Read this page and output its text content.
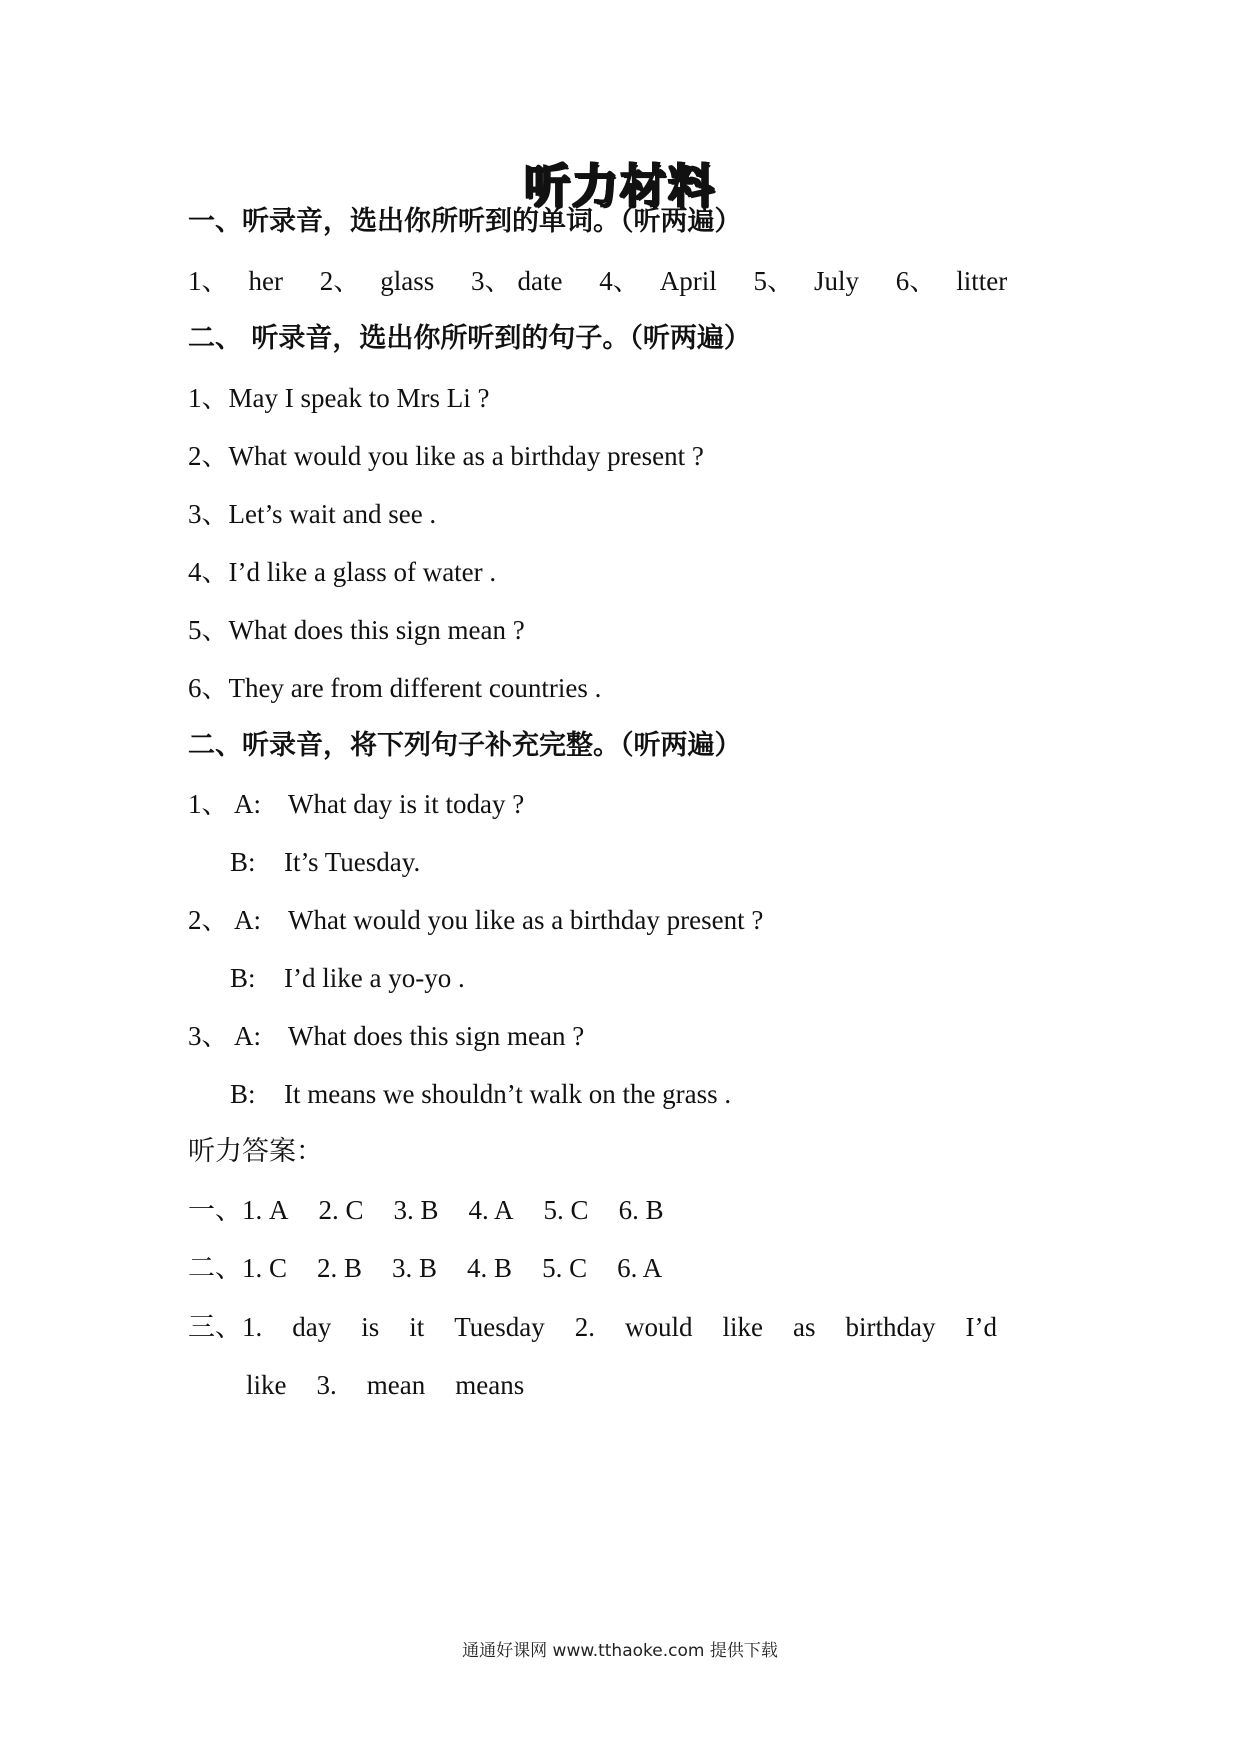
听力材料
一、听录音，选出你所听到的单词。（听两遍）
1、 her 2、 glass 3、 date 4、 April 5、 July 6、 litter
二、 听录音，选出你所听到的句子。（听两遍）
1、May I speak to Mrs Li ?
2、What would you like as a birthday present ?
3、Let’s wait and see .
4、I’d like a glass of water .
5、What does this sign mean ?
6、They are from different countries .
二、听录音，将下列句子补充完整。（听两遍）
1、 A: What day is it today ?
B: It’s Tuesday.
2、 A: What would you like as a birthday present ?
B: I’d like a yo-yo .
3、 A: What does this sign mean ?
B: It means we shouldn’t walk on the grass .
听力答案：
一、1. A 2. C 3. B 4. A 5. C 6. B
二、1. C 2. B 3. B 4. B 5. C 6. A
三、1. day is it Tuesday 2. would like as birthday I’d
like 3. mean means
通通好课网 www.tthaoke.com 提供下载
